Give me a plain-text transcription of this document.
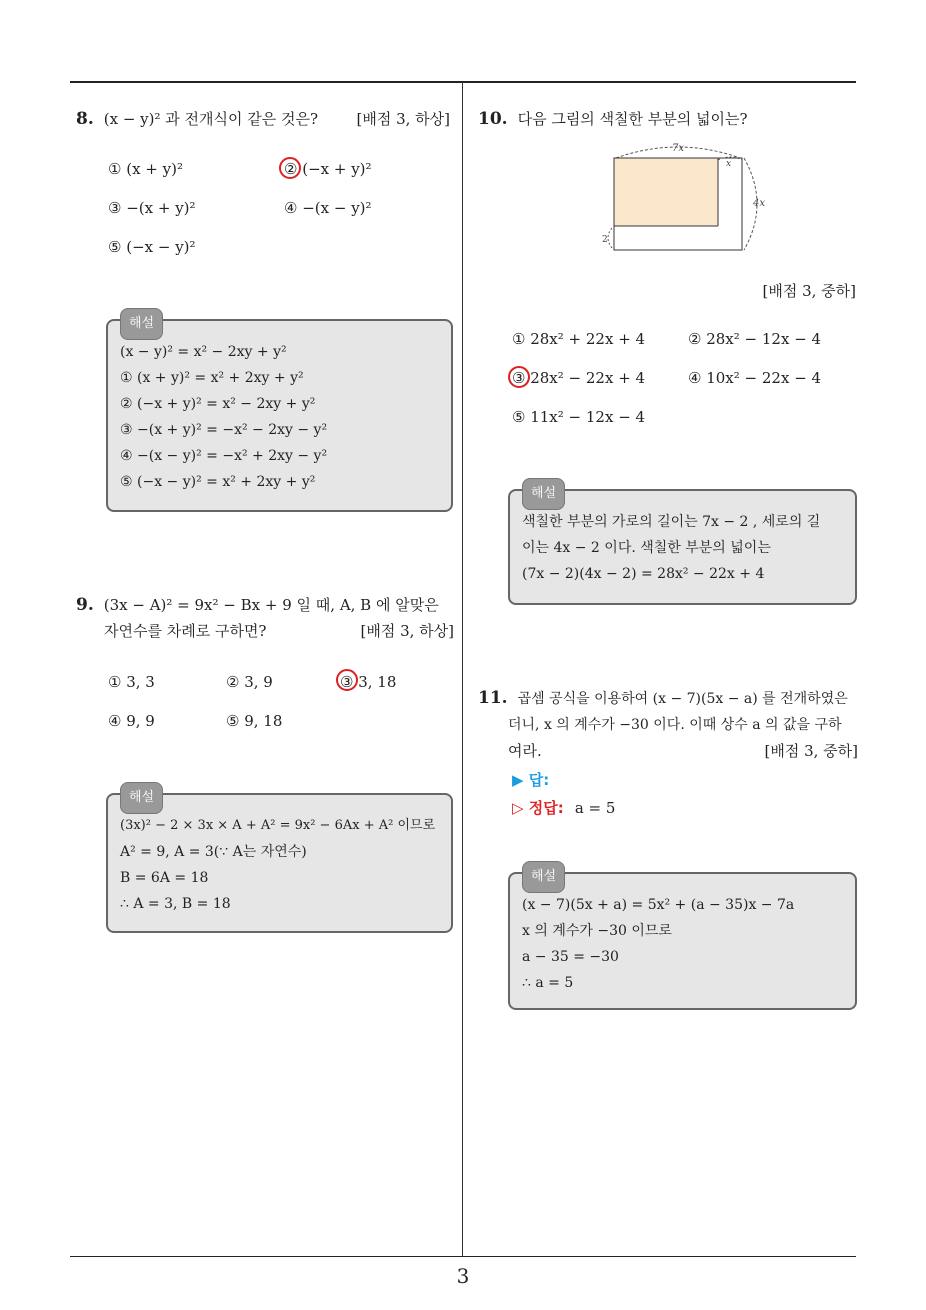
3
8. (x − y)² 과 전개식이 같은 것은?	[배점 3, 하상]
① (x + y)²	② (−x + y)²
③ −(x + y)²	④ −(x − y)²
⑤ (−x − y)²
해설
(x − y)² = x² − 2xy + y²
① (x + y)² = x² + 2xy + y²
② (−x + y)² = x² − 2xy + y²
③ −(x + y)² = −x² − 2xy − y²
④ −(x − y)² = −x² + 2xy − y²
⑤ (−x − y)² = x² + 2xy + y²
9. (3x − A)² = 9x² − Bx + 9 일 때, A, B 에 알맞은
자연수를 차례로 구하면?	[배점 3, 하상]
① 3, 3	② 3, 9	③ 3, 18
④ 9, 9	⑤ 9, 18
해설
(3x)² − 2 × 3x × A + A² = 9x² − 6Ax + A² 이므로
A² = 9, A = 3(∵ A는 자연수)
B = 6A = 18
∴ A = 3, B = 18
10. 다음 그림의 색칠한 부분의 넓이는?
7x
x
4x
2
[배점 3, 중하]
① 28x² + 22x + 4	② 28x² − 12x − 4
③ 28x² − 22x + 4	④ 10x² − 22x − 4
⑤ 11x² − 12x − 4
해설
색칠한 부분의 가로의 길이는 7x − 2 , 세로의 길
이는 4x − 2 이다. 색칠한 부분의 넓이는
(7x − 2)(4x − 2) = 28x² − 22x + 4
11. 곱셈 공식을 이용하여 (x − 7)(5x − a) 를 전개하였은
더니, x 의 계수가 −30 이다. 이때 상수 a 의 값을 구하
여라.	[배점 3, 중하]
▶ 답:
▷ 정답: a = 5
해설
(x − 7)(5x + a) = 5x² + (a − 35)x − 7a
x 의 계수가 −30 이므로
a − 35 = −30
∴ a = 5
